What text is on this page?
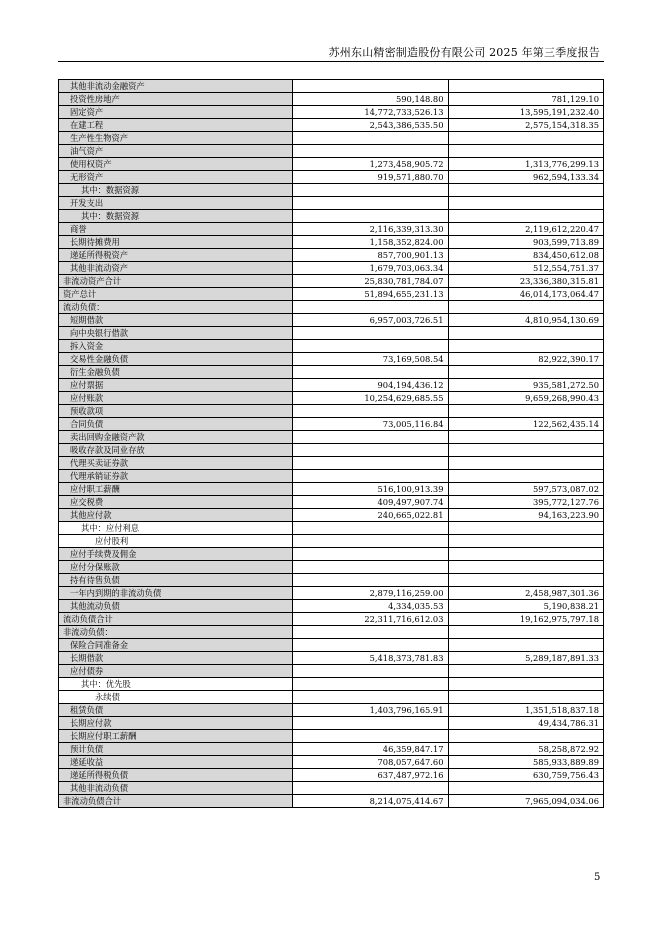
苏州东山精密制造股份有限公司 2025 年第三季度报告
其他非流动金融资产		
投资性房地产	590,148.80	781,129.10
固定资产	14,772,733,526.13	13,595,191,232.40
在建工程	2,543,386,535.50	2,575,154,318.35
生产性生物资产		
油气资产		
使用权资产	1,273,458,905.72	1,313,776,299.13
无形资产	919,571,880.70	962,594,133.34
其中：数据资源		
开发支出		
其中：数据资源		
商誉	2,116,339,313.30	2,119,612,220.47
长期待摊费用	1,158,352,824.00	903,599,713.89
递延所得税资产	857,700,901.13	834,450,612.08
其他非流动资产	1,679,703,063.34	512,554,751.37
非流动资产合计	25,830,781,784.07	23,336,380,315.81
资产总计	51,894,655,231.13	46,014,173,064.47
流动负债：		
短期借款	6,957,003,726.51	4,810,954,130.69
向中央银行借款		
拆入资金		
交易性金融负债	73,169,508.54	82,922,390.17
衍生金融负债		
应付票据	904,194,436.12	935,581,272.50
应付账款	10,254,629,685.55	9,659,268,990.43
预收款项		
合同负债	73,005,116.84	122,562,435.14
卖出回购金融资产款		
吸收存款及同业存放		
代理买卖证券款		
代理承销证券款		
应付职工薪酬	516,100,913.39	597,573,087.02
应交税费	409,497,907.74	395,772,127.76
其他应付款	240,665,022.81	94,163,223.90
其中：应付利息		
应付股利		
应付手续费及佣金		
应付分保账款		
持有待售负债		
一年内到期的非流动负债	2,879,116,259.00	2,458,987,301.36
其他流动负债	4,334,035.53	5,190,838.21
流动负债合计	22,311,716,612.03	19,162,975,797.18
非流动负债：		
保险合同准备金		
长期借款	5,418,373,781.83	5,289,187,891.33
应付债券		
其中：优先股		
永续债		
租赁负债	1,403,796,165.91	1,351,518,837.18
长期应付款		49,434,786.31
长期应付职工薪酬		
预计负债	46,359,847.17	58,258,872.92
递延收益	708,057,647.60	585,933,889.89
递延所得税负债	637,487,972.16	630,759,756.43
其他非流动负债		
非流动负债合计	8,214,075,414.67	7,965,094,034.06
5
